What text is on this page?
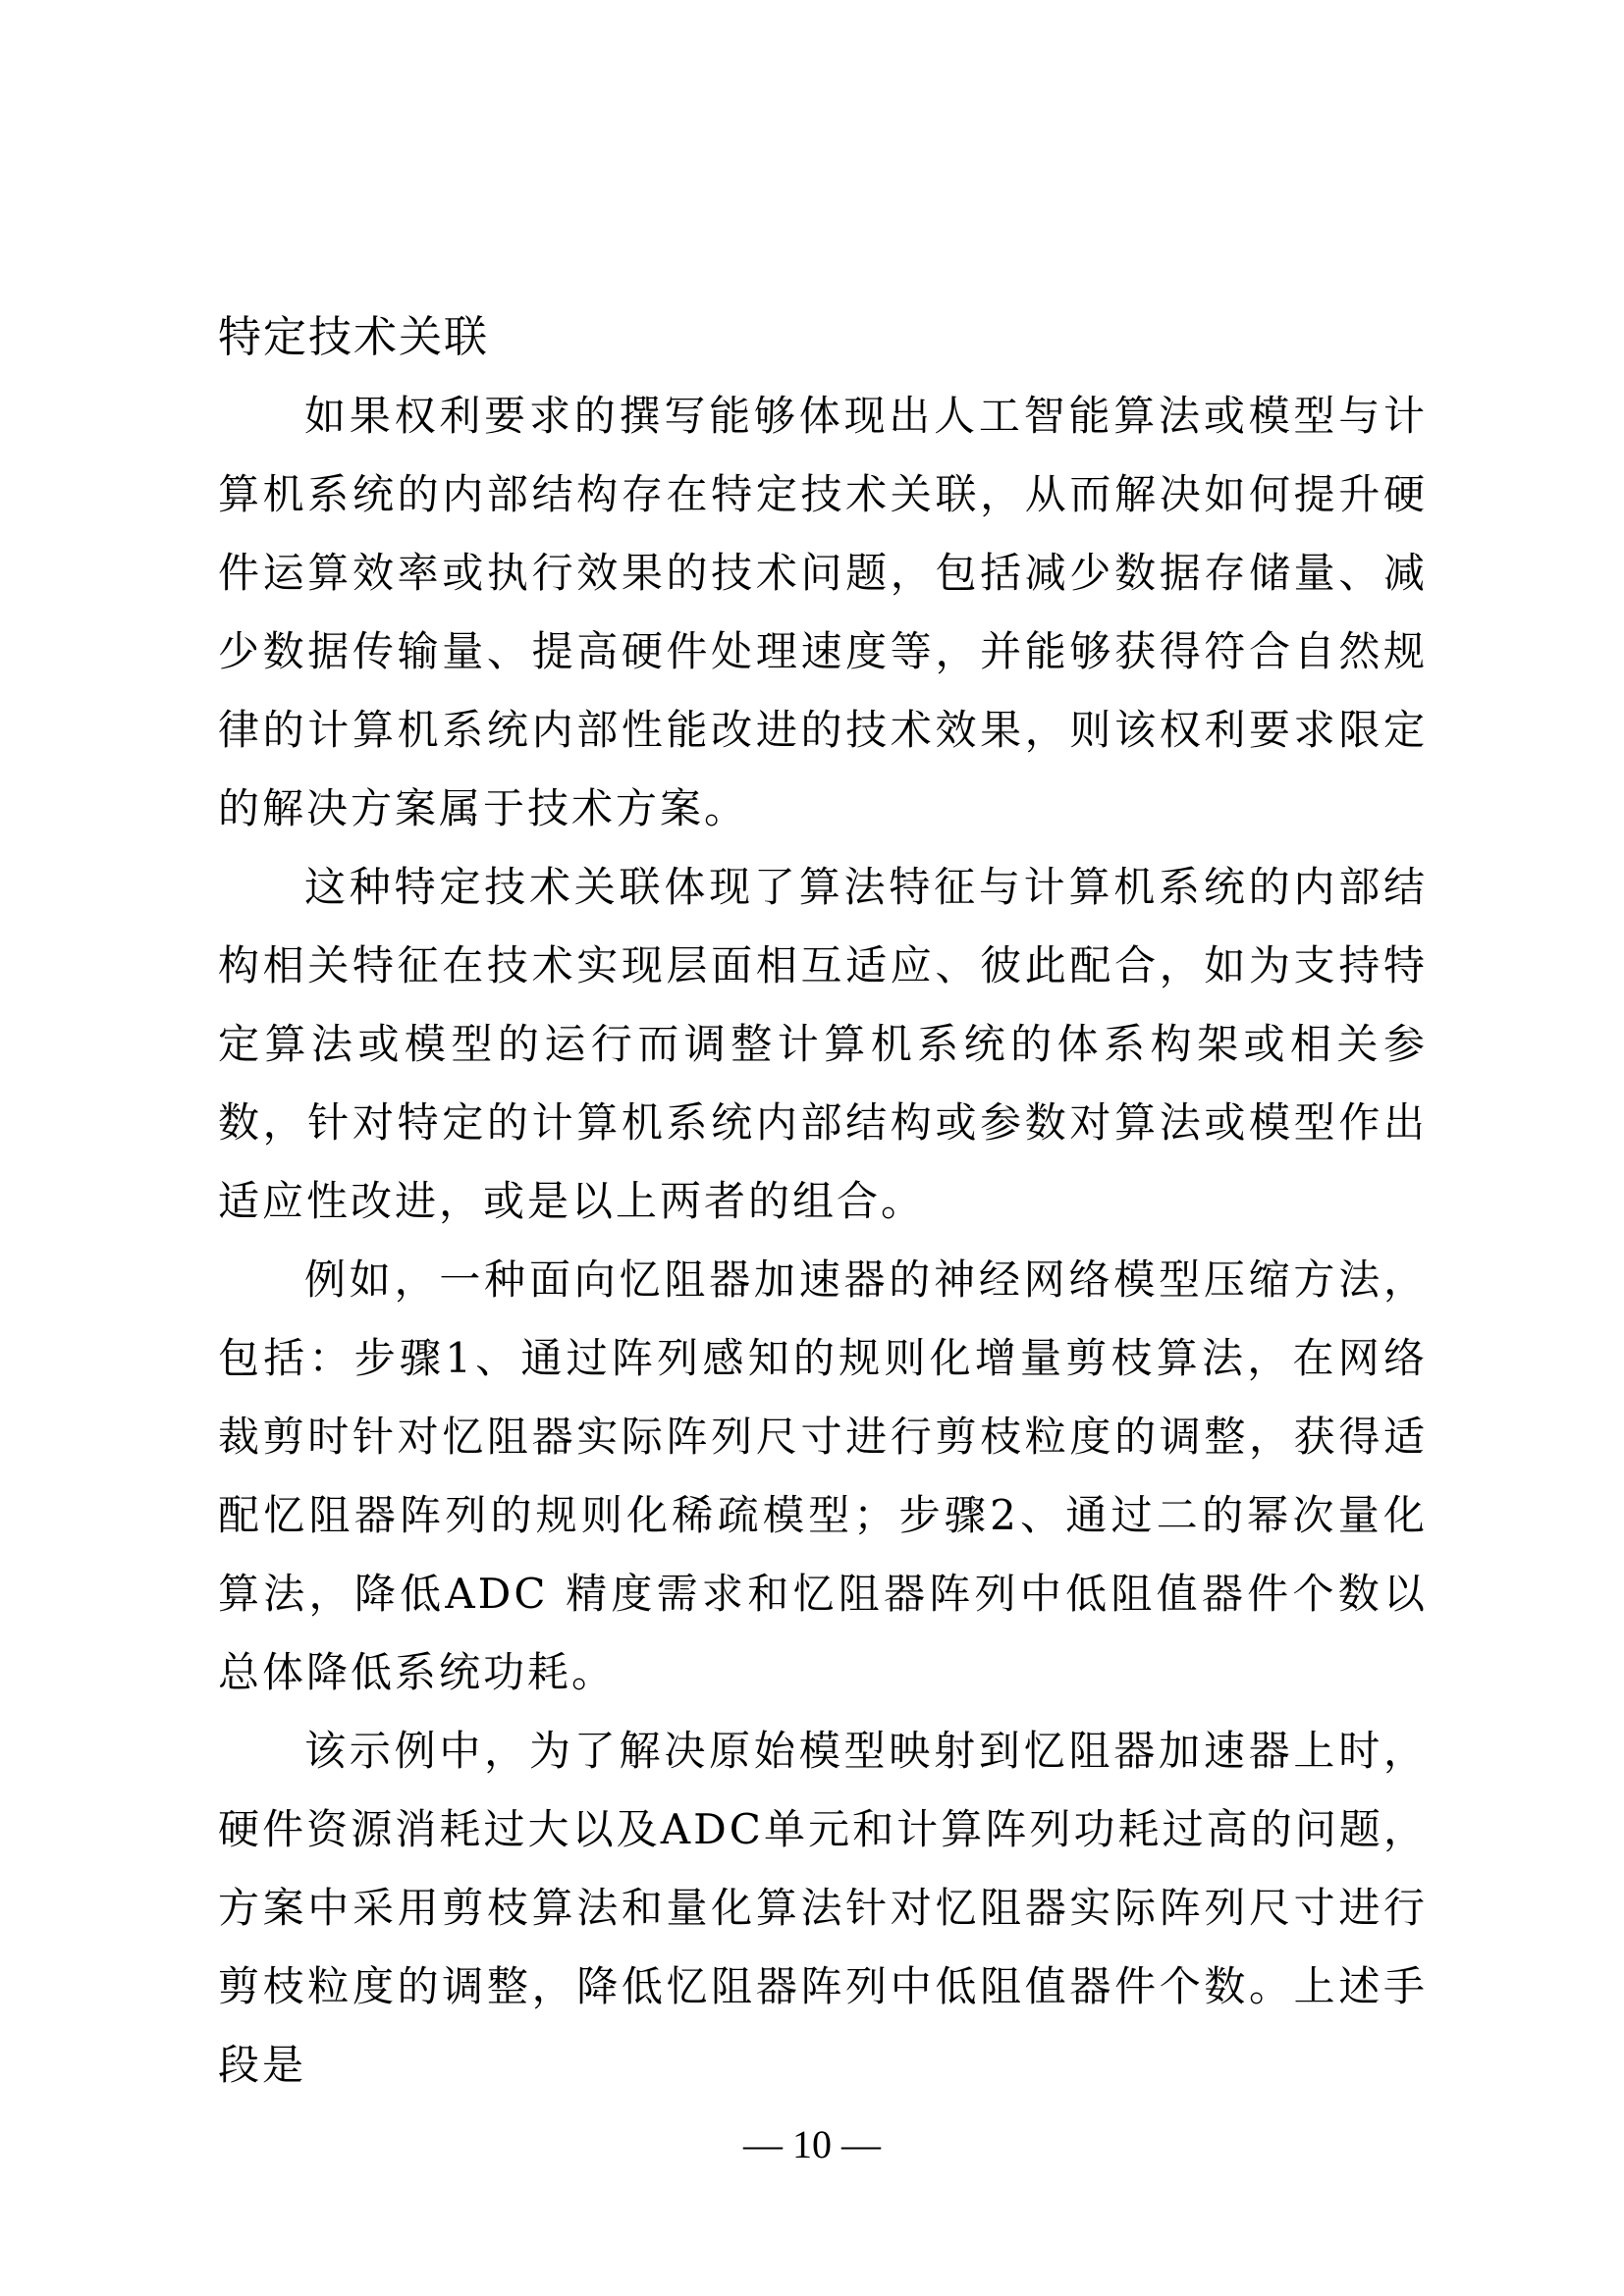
特定技术关联

如果权利要求的撰写能够体现出人工智能算法或模型与计算机系统的内部结构存在特定技术关联，从而解决如何提升硬件运算效率或执行效果的技术问题，包括减少数据存储量、减少数据传输量、提高硬件处理速度等，并能够获得符合自然规律的计算机系统内部性能改进的技术效果，则该权利要求限定的解决方案属于技术方案。

这种特定技术关联体现了算法特征与计算机系统的内部结构相关特征在技术实现层面相互适应、彼此配合，如为支持特定算法或模型的运行而调整计算机系统的体系构架或相关参数，针对特定的计算机系统内部结构或参数对算法或模型作出适应性改进，或是以上两者的组合。

例如，一种面向忆阻器加速器的神经网络模型压缩方法，包括：步骤1、通过阵列感知的规则化增量剪枝算法，在网络裁剪时针对忆阻器实际阵列尺寸进行剪枝粒度的调整，获得适配忆阻器阵列的规则化稀疏模型；步骤2、通过二的幂次量化算法，降低ADC 精度需求和忆阻器阵列中低阻值器件个数以总体降低系统功耗。

该示例中，为了解决原始模型映射到忆阻器加速器上时，硬件资源消耗过大以及ADC单元和计算阵列功耗过高的问题，方案中采用剪枝算法和量化算法针对忆阻器实际阵列尺寸进行剪枝粒度的调整，降低忆阻器阵列中低阻值器件个数。上述手段是

— 10 —
